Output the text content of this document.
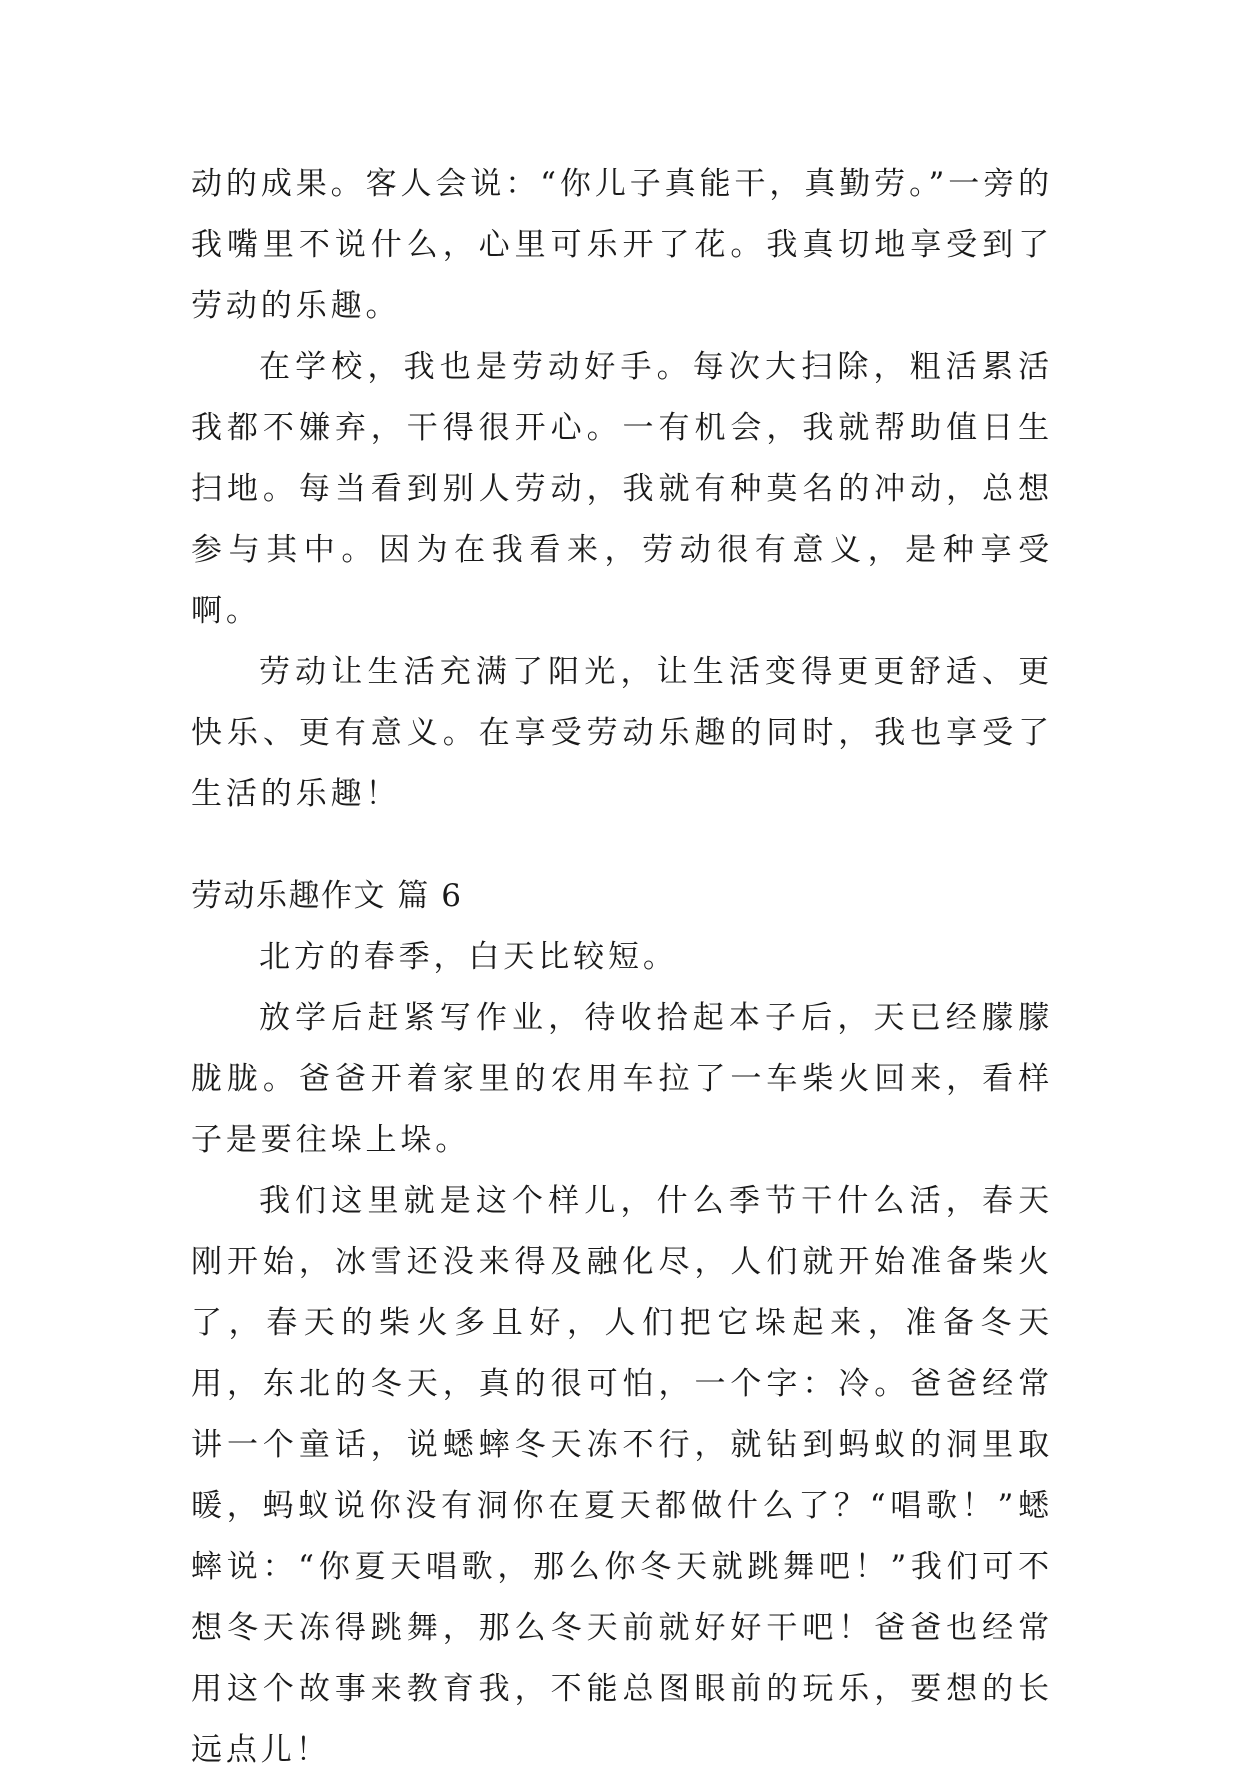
动的成果。客人会说：“你儿子真能干，真勤劳。”一旁的我嘴里不说什么，心里可乐开了花。我真切地享受到了劳动的乐趣。

在学校，我也是劳动好手。每次大扫除，粗活累活我都不嫌弃，干得很开心。一有机会，我就帮助值日生扫地。每当看到别人劳动，我就有种莫名的冲动，总想参与其中。因为在我看来，劳动很有意义，是种享受啊。

劳动让生活充满了阳光，让生活变得更更舒适、更快乐、更有意义。在享受劳动乐趣的同时，我也享受了生活的乐趣！

劳动乐趣作文 篇 6

北方的春季，白天比较短。

放学后赶紧写作业，待收拾起本子后，天已经朦朦胧胧。爸爸开着家里的农用车拉了一车柴火回来，看样子是要往垛上垛。

我们这里就是这个样儿，什么季节干什么活，春天刚开始，冰雪还没来得及融化尽，人们就开始准备柴火了，春天的柴火多且好，人们把它垛起来，准备冬天用，东北的冬天，真的很可怕，一个字：冷。爸爸经常讲一个童话，说蟋蟀冬天冻不行，就钻到蚂蚁的洞里取暖，蚂蚁说你没有洞你在夏天都做什么了？“唱歌！”蟋蟀说：“你夏天唱歌，那么你冬天就跳舞吧！”我们可不想冬天冻得跳舞，那么冬天前就好好干吧！爸爸也经常用这个故事来教育我，不能总图眼前的玩乐，要想的长远点儿！
